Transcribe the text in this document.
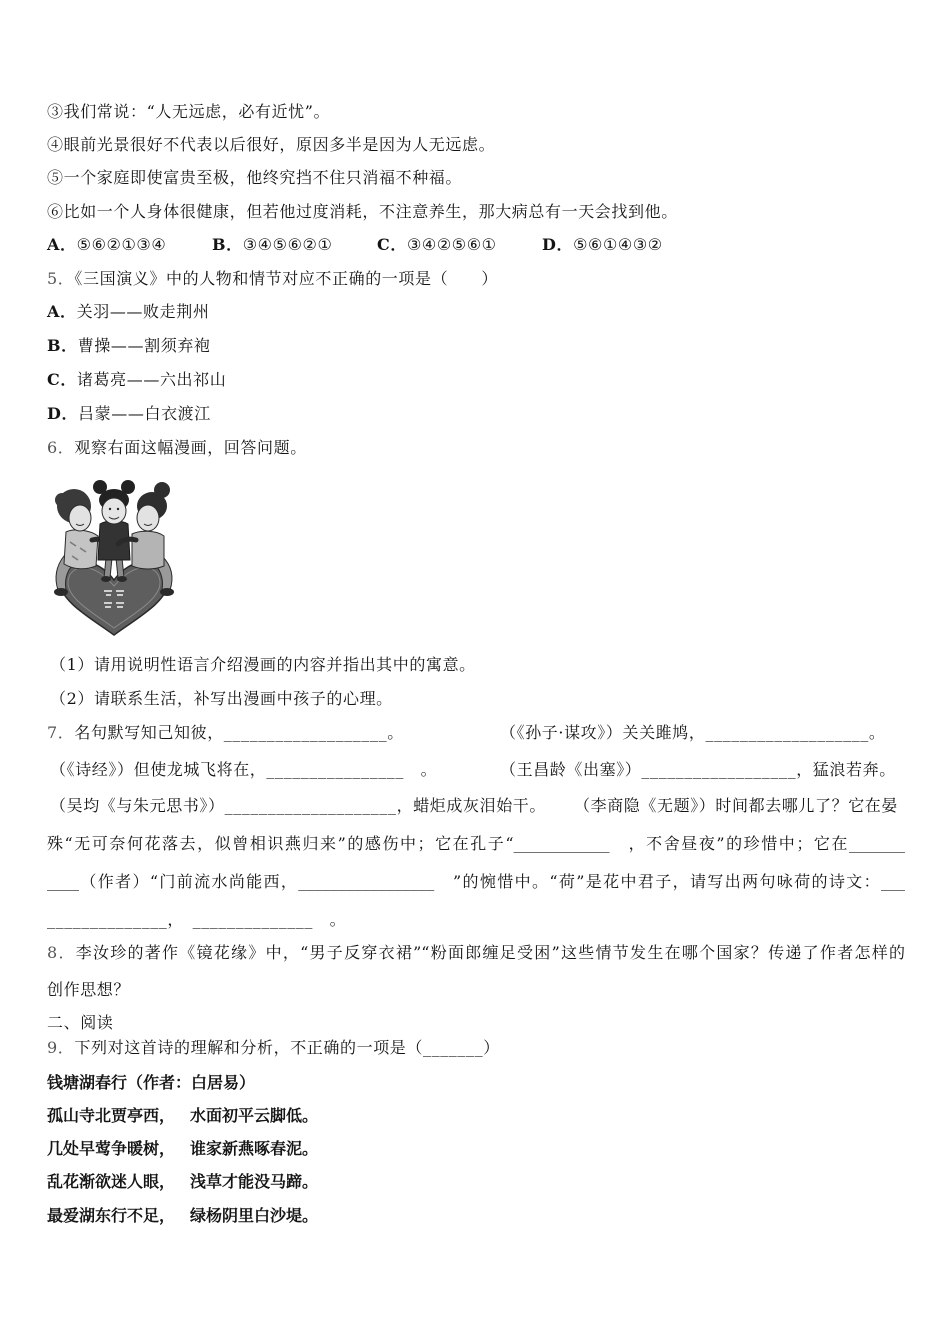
③我们常说：“人无远虑，必有近忧”。
④眼前光景很好不代表以后很好，原因多半是因为人无远虑。
⑤一个家庭即使富贵至极，他终究挡不住只消福不种福。
⑥比如一个人身体很健康，但若他过度消耗，不注意养生，那大病总有一天会找到他。
A．⑤⑥②①③④	B．③④⑤⑥②①	C．③④②⑤⑥①	D．⑤⑥①④③②
5．《三国演义》中的人物和情节对应不正确的一项是（　　）
A．关羽——败走荆州
B．曹操——割须弃袍
C．诸葛亮——六出祁山
D．吕蒙——白衣渡江
6．观察右面这幅漫画，回答问题。
（1）请用说明性语言介绍漫画的内容并指出其中的寓意。
（2）请联系生活，补写出漫画中孩子的心理。
7．名句默写知己知彼，___________________。	（《孙子·谋攻》）关关雎鸠，___________________。
（《诗经》）但使龙城飞将在，________________　。	（王昌龄《出塞》）__________________，猛浪若奔。
（吴均《与朱元思书》）____________________，蜡炬成灰泪始干。 （李商隐《无题》）时间都去哪儿了？它在晏
殊“无可奈何花落去，似曾相识燕归来”的感伤中；它在孔子“____________　，不舍昼夜”的珍惜中；它在_______
____（作者）“门前流水尚能西，_________________　”的惋惜中。“荷”是花中君子，请写出两句咏荷的诗文：___
______________，　______________　。
8．李汝珍的著作《镜花缘》中，“男子反穿衣裙”“粉面郎缠足受困”这些情节发生在哪个国家？传递了作者怎样的
创作思想？
二、阅读
9．下列对这首诗的理解和分析，不正确的一项是（_______）
钱塘湖春行（作者：白居易）
孤山寺北贾亭西， 水面初平云脚低。
几处早莺争暖树， 谁家新燕啄春泥。
乱花渐欲迷人眼， 浅草才能没马蹄。
最爱湖东行不足， 绿杨阴里白沙堤。
